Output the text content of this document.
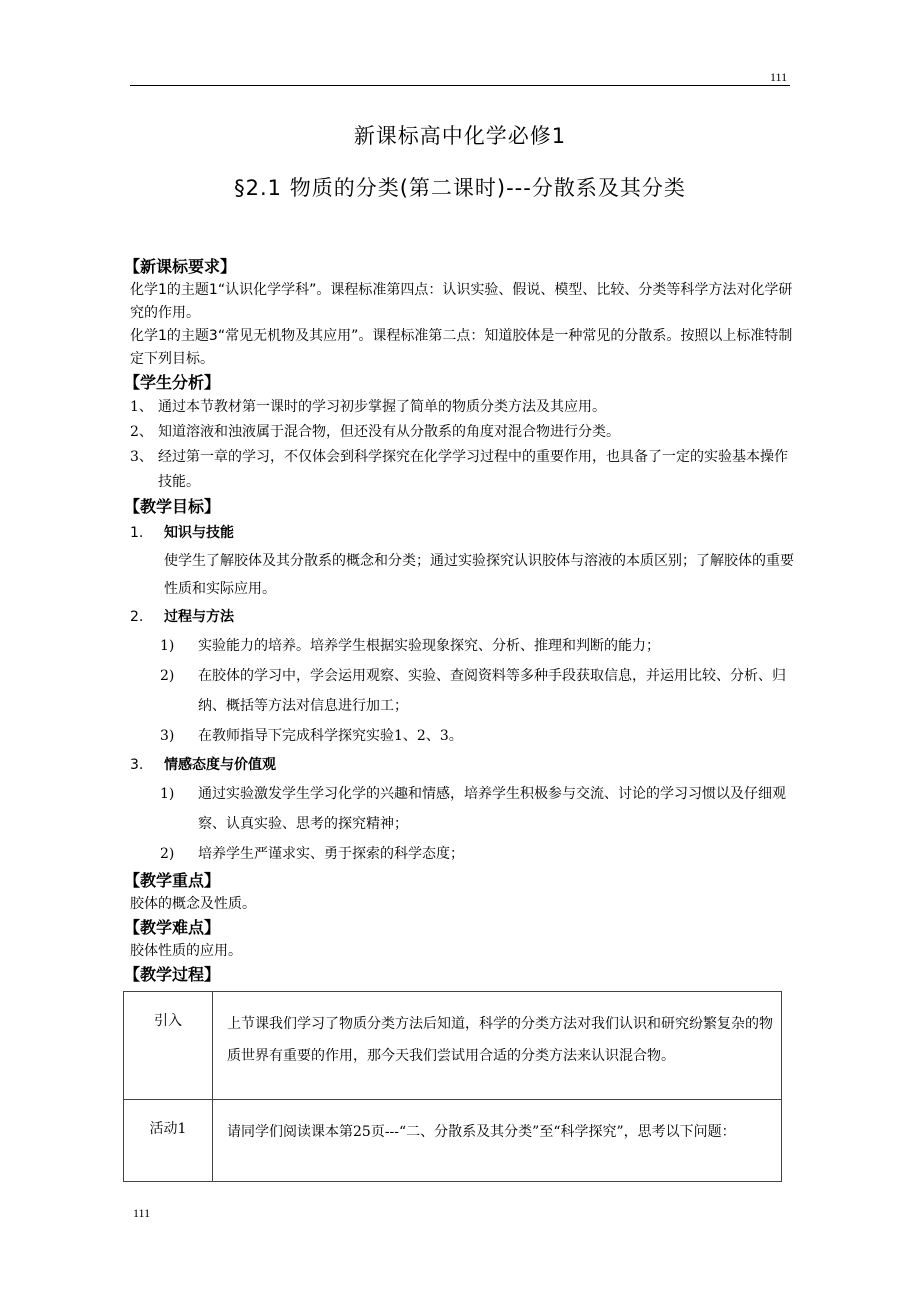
111
新课标高中化学必修1
§2.1 物质的分类(第二课时)---分散系及其分类
【新课标要求】
化学1的主题1“认识化学学科”。课程标准第四点：认识实验、假说、模型、比较、分类等科学方法对化学研究的作用。
化学1的主题3“常见无机物及其应用”。课程标准第二点：知道胶体是一种常见的分散系。按照以上标准特制定下列目标。
【学生分析】
1、 通过本节教材第一课时的学习初步掌握了简单的物质分类方法及其应用。
2、 知道溶液和浊液属于混合物，但还没有从分散系的角度对混合物进行分类。
3、 经过第一章的学习，不仅体会到科学探究在化学学习过程中的重要作用，也具备了一定的实验基本操作技能。
【教学目标】
1.	知识与技能
使学生了解胶体及其分散系的概念和分类；通过实验探究认识胶体与溶液的本质区别；了解胶体的重要性质和实际应用。
2.	过程与方法
1)	实验能力的培养。培养学生根据实验现象探究、分析、推理和判断的能力；
2)	在胶体的学习中，学会运用观察、实验、查阅资料等多种手段获取信息，并运用比较、分析、归纳、概括等方法对信息进行加工；
3)	在教师指导下完成科学探究实验1、2、3。
3.	情感态度与价值观
1)	通过实验激发学生学习化学的兴趣和情感，培养学生积极参与交流、讨论的学习习惯以及仔细观察、认真实验、思考的探究精神；
2)	培养学生严谨求实、勇于探索的科学态度；
【教学重点】
胶体的概念及性质。
【教学难点】
胶体性质的应用。
【教学过程】
引入	上节课我们学习了物质分类方法后知道，科学的分类方法对我们认识和研究纷繁复杂的物质世界有重要的作用，那今天我们尝试用合适的分类方法来认识混合物。
活动1	请同学们阅读课本第25页---“二、分散系及其分类”至“科学探究”，思考以下问题：
111
